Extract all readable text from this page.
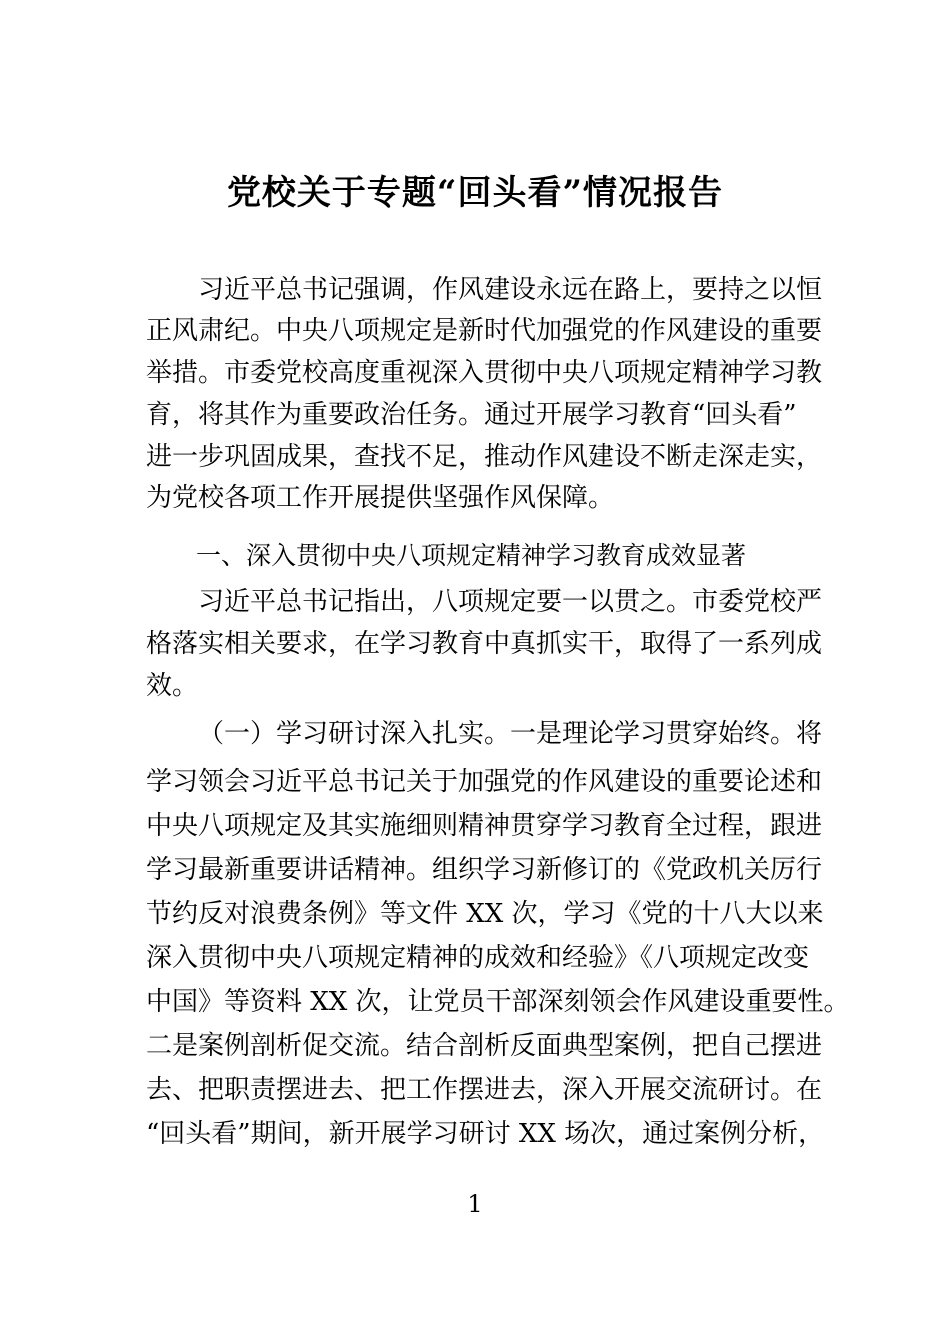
党校关于专题“回头看”情况报告
习近平总书记强调，作风建设永远在路上，要持之以恒
正风肃纪。中央八项规定是新时代加强党的作风建设的重要
举措。市委党校高度重视深入贯彻中央八项规定精神学习教
育，将其作为重要政治任务。通过开展学习教育“回头看”
进一步巩固成果，查找不足，推动作风建设不断走深走实，
为党校各项工作开展提供坚强作风保障。
一、深入贯彻中央八项规定精神学习教育成效显著
习近平总书记指出，八项规定要一以贯之。市委党校严
格落实相关要求，在学习教育中真抓实干，取得了一系列成
效。
（一）学习研讨深入扎实。一是理论学习贯穿始终。将
学习领会习近平总书记关于加强党的作风建设的重要论述和
中央八项规定及其实施细则精神贯穿学习教育全过程，跟进
学习最新重要讲话精神。组织学习新修订的《党政机关厉行
节约反对浪费条例》等文件 XX 次，学习《党的十八大以来
深入贯彻中央八项规定精神的成效和经验》《八项规定改变
中国》等资料 XX 次，让党员干部深刻领会作风建设重要性。
二是案例剖析促交流。结合剖析反面典型案例，把自己摆进
去、把职责摆进去、把工作摆进去，深入开展交流研讨。在
“回头看”期间，新开展学习研讨 XX 场次，通过案例分析，
1
